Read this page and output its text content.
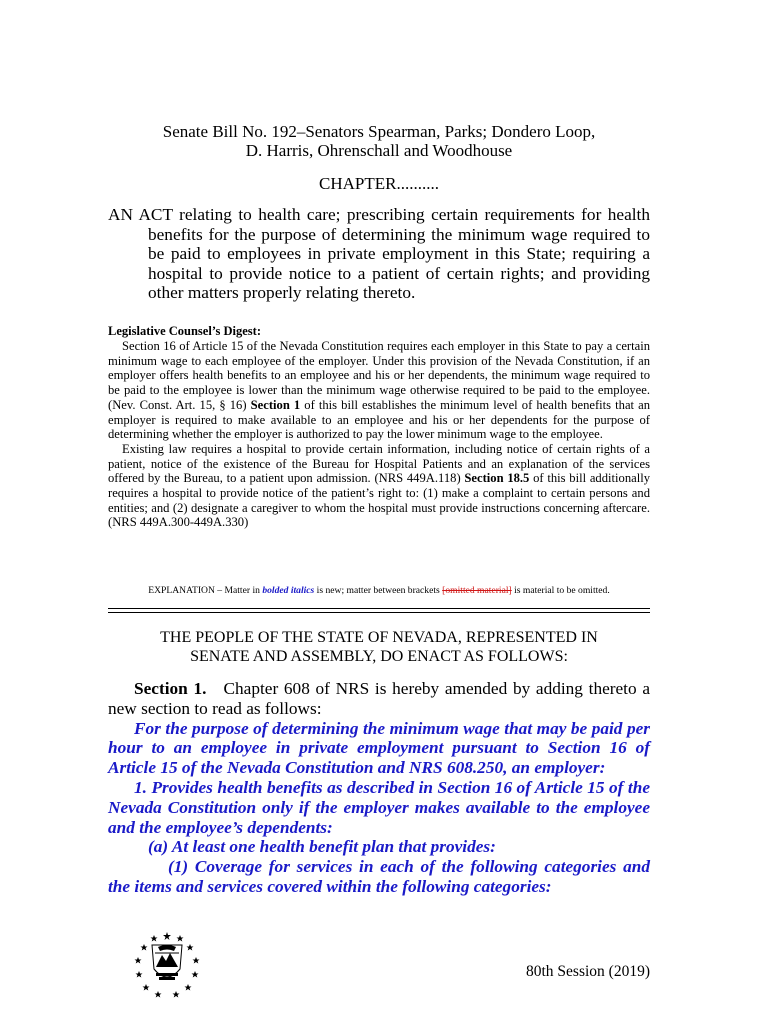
Senate Bill No. 192–Senators Spearman, Parks; Dondero Loop,
D. Harris, Ohrenschall and Woodhouse
CHAPTER..........
AN ACT relating to health care; prescribing certain requirements for health benefits for the purpose of determining the minimum wage required to be paid to employees in private employment in this State; requiring a hospital to provide notice to a patient of certain rights; and providing other matters properly relating thereto.
Legislative Counsel’s Digest:

Section 16 of Article 15 of the Nevada Constitution requires each employer in this State to pay a certain minimum wage to each employee of the employer. Under this provision of the Nevada Constitution, if an employer offers health benefits to an employee and his or her dependents, the minimum wage required to be paid to the employee is lower than the minimum wage otherwise required to be paid to the employee. (Nev. Const. Art. 15, § 16) Section 1 of this bill establishes the minimum level of health benefits that an employer is required to make available to an employee and his or her dependents for the purpose of determining whether the employer is authorized to pay the lower minimum wage to the employee.

Existing law requires a hospital to provide certain information, including notice of certain rights of a patient, notice of the existence of the Bureau for Hospital Patients and an explanation of the services offered by the Bureau, to a patient upon admission. (NRS 449A.118) Section 18.5 of this bill additionally requires a hospital to provide notice of the patient’s right to: (1) make a complaint to certain persons and entities; and (2) designate a caregiver to whom the hospital must provide instructions concerning aftercare. (NRS 449A.300-449A.330)

EXPLANATION – Matter in bolded italics is new; matter between brackets [omitted material] is material to be omitted.
THE PEOPLE OF THE STATE OF NEVADA, REPRESENTED IN
SENATE AND ASSEMBLY, DO ENACT AS FOLLOWS:

Section 1. Chapter 608 of NRS is hereby amended by adding thereto a new section to read as follows:

For the purpose of determining the minimum wage that may be paid per hour to an employee in private employment pursuant to Section 16 of Article 15 of the Nevada Constitution and NRS 608.250, an employer:

1. Provides health benefits as described in Section 16 of Article 15 of the Nevada Constitution only if the employer makes available to the employee and the employee’s dependents:

(a) At least one health benefit plan that provides:

(1) Coverage for services in each of the following categories and the items and services covered within the following categories:

80th Session (2019)
